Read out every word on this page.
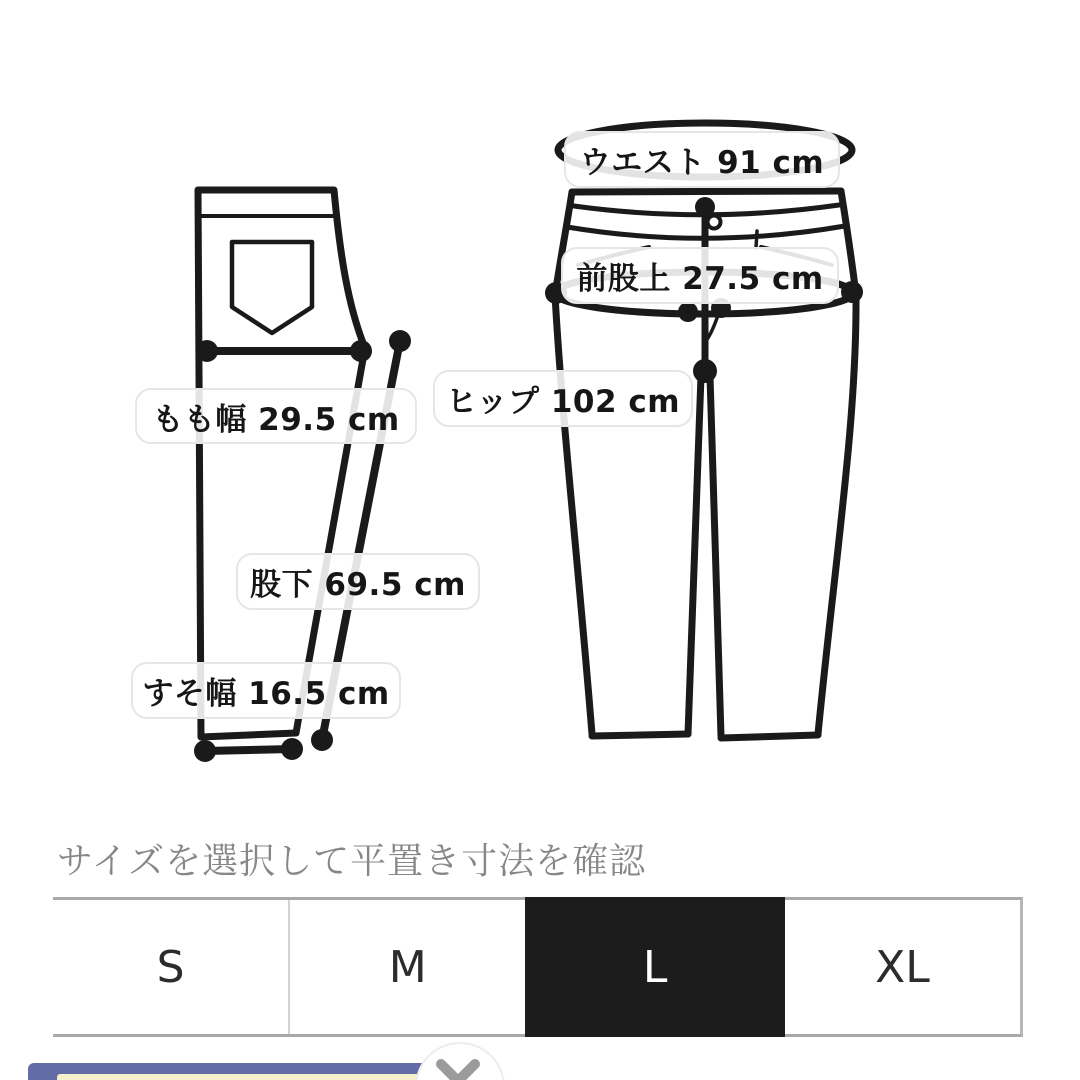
ウエスト 91 cm
前股上 27.5 cm
ヒップ 102 cm
もも幅 29.5 cm
股下 69.5 cm
すそ幅 16.5 cm
サイズを選択して平置き寸法を確認
S	M	L	XL
